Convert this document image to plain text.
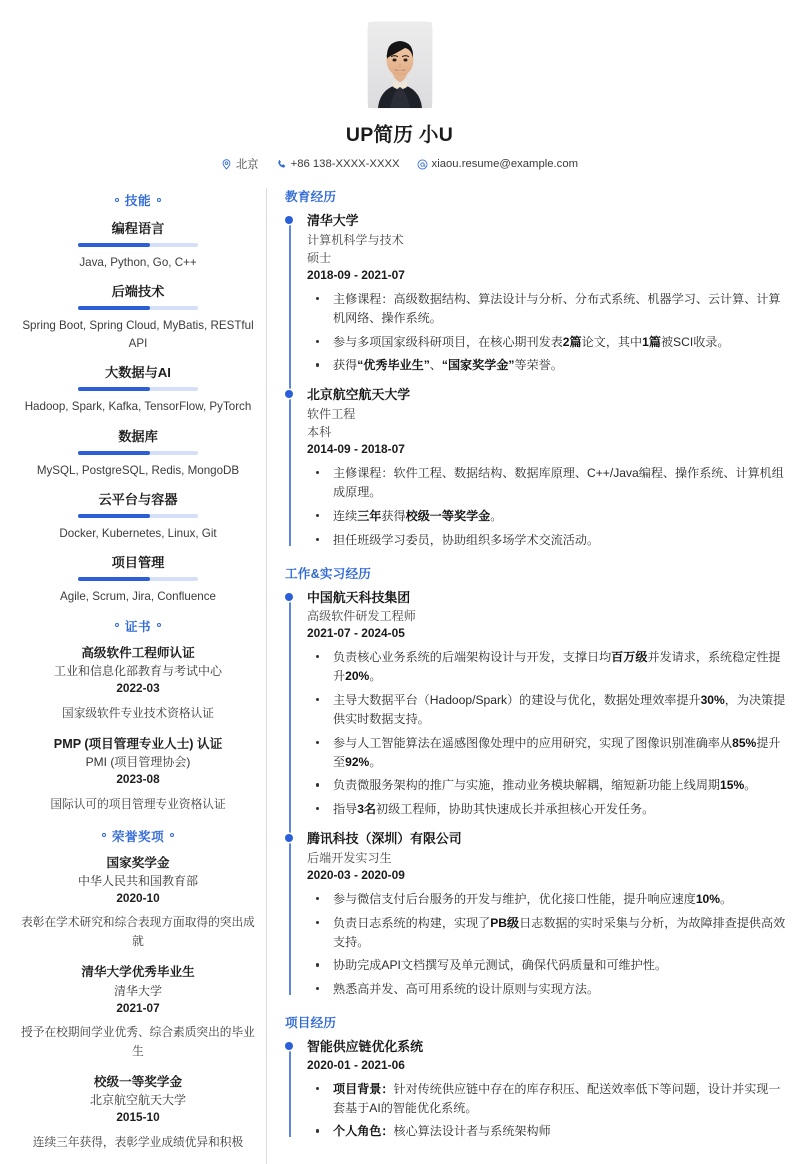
UP简历 小U
北京	+86 138-XXXX-XXXX	xiaou.resume@example.com
技能
编程语言
Java, Python, Go, C++
后端技术
Spring Boot, Spring Cloud, MyBatis, RESTful API
大数据与AI
Hadoop, Spark, Kafka, TensorFlow, PyTorch
数据库
MySQL, PostgreSQL, Redis, MongoDB
云平台与容器
Docker, Kubernetes, Linux, Git
项目管理
Agile, Scrum, Jira, Confluence
证书
高级软件工程师认证
工业和信息化部教育与考试中心
2022-03
国家级软件专业技术资格认证
PMP (项目管理专业人士) 认证
PMI (项目管理协会)
2023-08
国际认可的项目管理专业资格认证
荣誉奖项
国家奖学金
中华人民共和国教育部
2020-10
表彰在学术研究和综合表现方面取得的突出成就
清华大学优秀毕业生
清华大学
2021-07
授予在校期间学业优秀、综合素质突出的毕业生
校级一等奖学金
北京航空航天大学
2015-10
连续三年获得，表彰学业成绩优异和积极
教育经历
清华大学
计算机科学与技术
硕士
2018-09 - 2021-07
主修课程：高级数据结构、算法设计与分析、分布式系统、机器学习、云计算、计算机网络、操作系统。
参与多项国家级科研项目，在核心期刊发表2篇论文，其中1篇被SCI收录。
获得“优秀毕业生”、“国家奖学金”等荣誉。
北京航空航天大学
软件工程
本科
2014-09 - 2018-07
主修课程：软件工程、数据结构、数据库原理、C++/Java编程、操作系统、计算机组成原理。
连续三年获得校级一等奖学金。
担任班级学习委员，协助组织多场学术交流活动。
工作&实习经历
中国航天科技集团
高级软件研发工程师
2021-07 - 2024-05
负责核心业务系统的后端架构设计与开发，支撑日均百万级并发请求，系统稳定性提升20%。
主导大数据平台（Hadoop/Spark）的建设与优化，数据处理效率提升30%，为决策提供实时数据支持。
参与人工智能算法在遥感图像处理中的应用研究，实现了图像识别准确率从85%提升至92%。
负责微服务架构的推广与实施，推动业务模块解耦，缩短新功能上线周期15%。
指导3名初级工程师，协助其快速成长并承担核心开发任务。
腾讯科技（深圳）有限公司
后端开发实习生
2020-03 - 2020-09
参与微信支付后台服务的开发与维护，优化接口性能，提升响应速度10%。
负责日志系统的构建，实现了PB级日志数据的实时采集与分析，为故障排查提供高效支持。
协助完成API文档撰写及单元测试，确保代码质量和可维护性。
熟悉高并发、高可用系统的设计原则与实现方法。
项目经历
智能供应链优化系统
2020-01 - 2021-06
项目背景：针对传统供应链中存在的库存积压、配送效率低下等问题，设计并实现一套基于AI的智能优化系统。
个人角色：核心算法设计者与系统架构师
